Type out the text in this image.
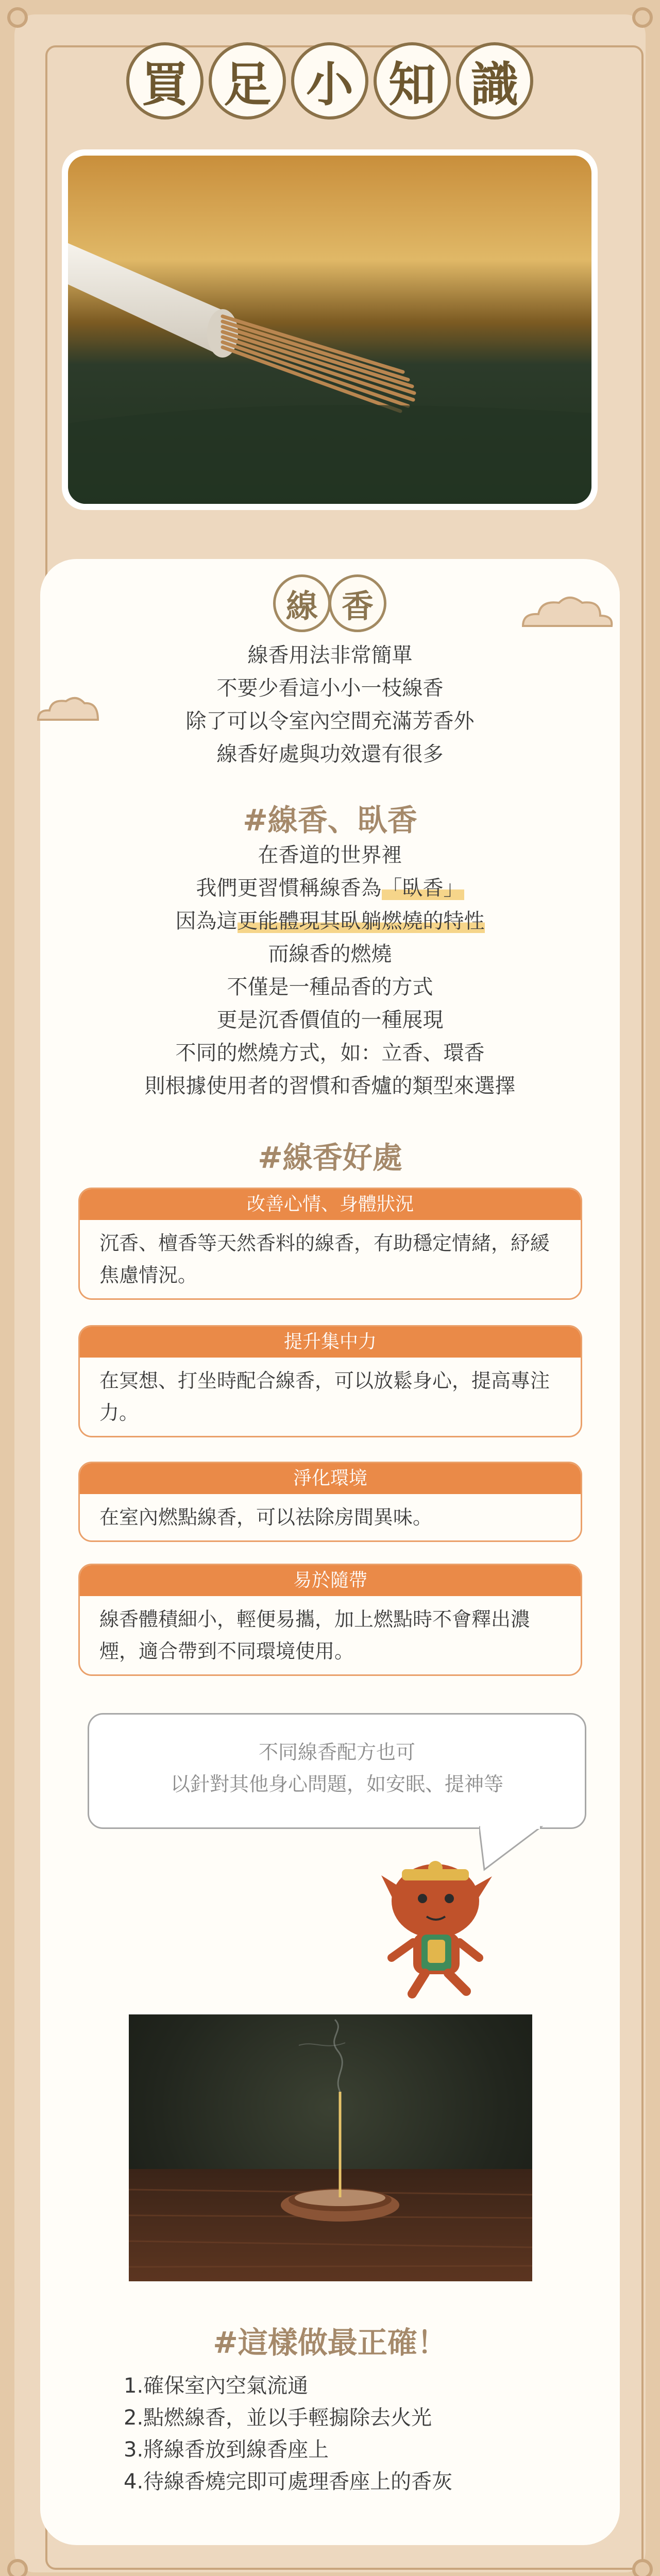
買 足 小 知 識
線 香
線香用法非常簡單
不要少看這小小一枝線香
除了可以令室內空間充滿芳香外
線香好處與功效還有很多
#線香、臥香
在香道的世界裡
我們更習慣稱線香為「臥香」
因為這更能體現其臥躺燃燒的特性
而線香的燃燒
不僅是一種品香的方式
更是沉香價值的一種展現
不同的燃燒方式，如：立香、環香
則根據使用者的習慣和香爐的類型來選擇
#線香好處
改善心情、身體狀況
沉香、檀香等天然香料的線香，有助穩定情緒，紓緩焦慮情況。
提升集中力
在冥想、打坐時配合線香，可以放鬆身心，提高專注力。
淨化環境
在室內燃點線香，可以祛除房間異味。
易於隨帶
線香體積細小，輕便易攜，加上燃點時不會釋出濃煙，適合帶到不同環境使用。
不同線香配方也可
以針對其他身心問題，如安眠、提神等
#這樣做最正確！
1.確保室內空氣流通
2.點燃線香，並以手輕搧除去火光
3.將線香放到線香座上
4.待線香燒完即可處理香座上的香灰
